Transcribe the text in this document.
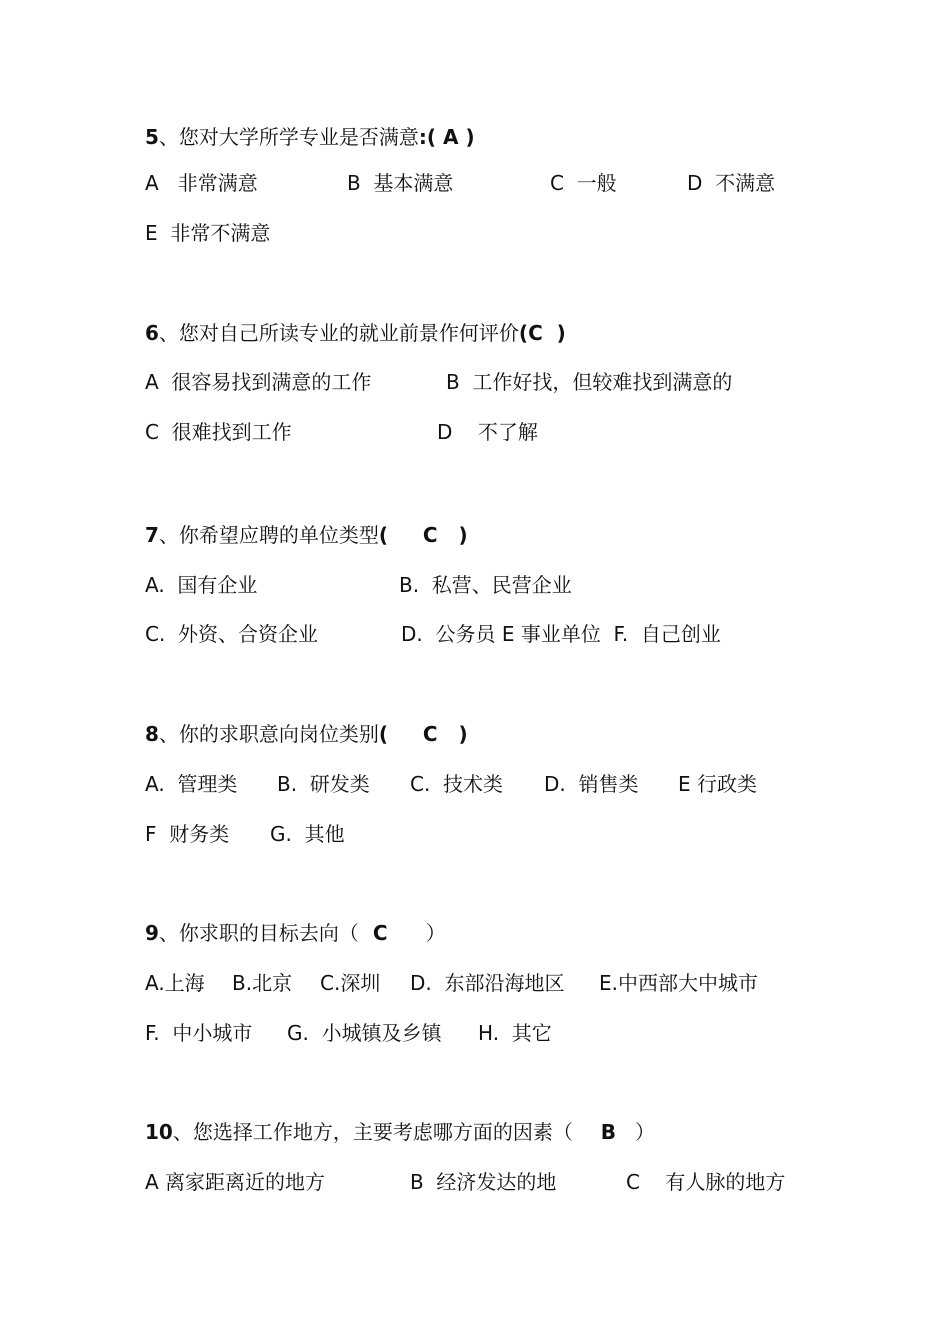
5、您对大学所学专业是否满意:( A )
A   非常满意	B  基本满意	C  一般	D  不满意
E  非常不满意
6、您对自己所读专业的就业前景作何评价(C  )
A  很容易找到满意的工作	B  工作好找，但较难找到满意的
C  很难找到工作	D    不了解
7、你希望应聘的单位类型(     C   )
A.  国有企业	B.  私营、民营企业
C.  外资、合资企业	D.  公务员 E 事业单位  F.  自己创业
8、你的求职意向岗位类别(     C   )
A.  管理类 B.  研发类 C.  技术类 D.  销售类 E 行政类
F  财务类 G.  其他
9、你求职的目标去向（ C      ）
A.上海 B.北京 C.深圳 D.  东部沿海地区 E.中西部大中城市
F.  中小城市 G.  小城镇及乡镇 H.  其它
10、您选择工作地方，主要考虑哪方面的因素（ B   ）
A 离家距离近的地方	B  经济发达的地	C    有人脉的地方
